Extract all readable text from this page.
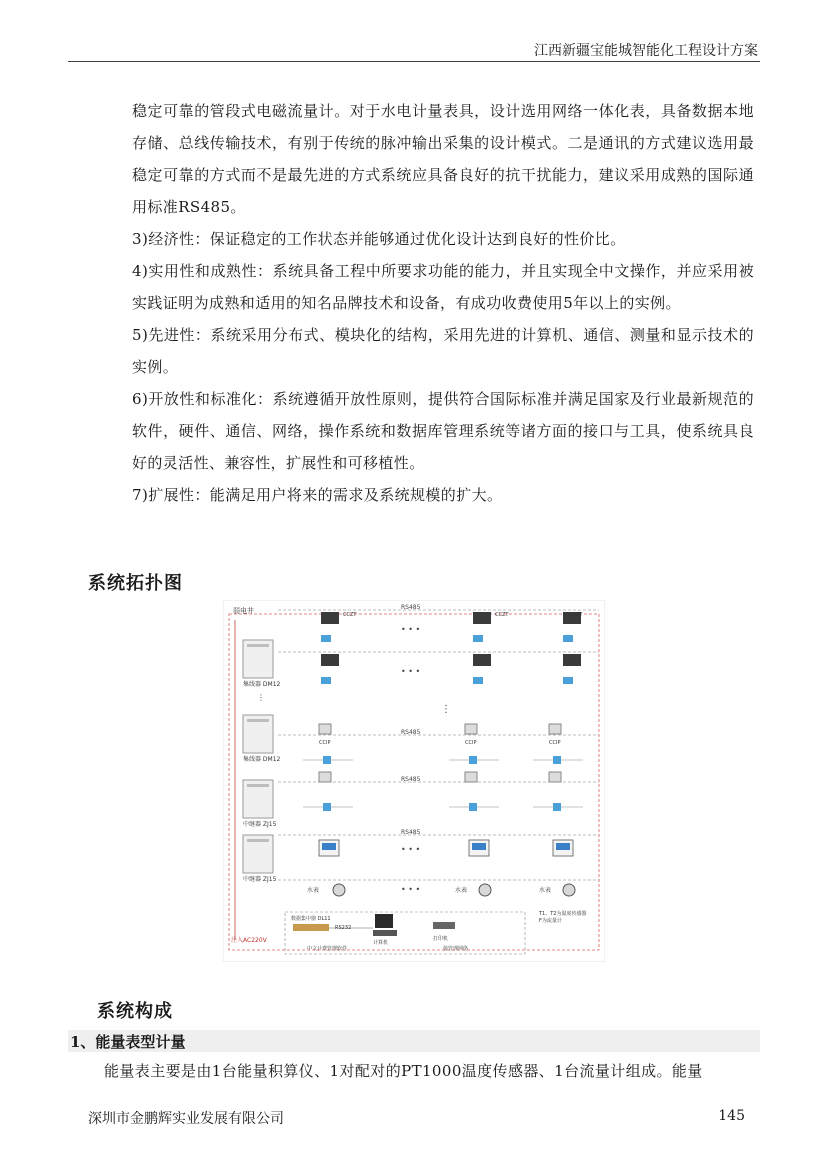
江西新疆宝能城智能化工程设计方案

稳定可靠的管段式电磁流量计。对于水电计量表具，设计选用网络一体化表，具备数据本地存储、总线传输技术，有别于传统的脉冲输出采集的设计模式。二是通讯的方式建议选用最稳定可靠的方式而不是最先进的方式系统应具备良好的抗干扰能力，建议采用成熟的国际通用标准RS485。

3)经济性：保证稳定的工作状态并能够通过优化设计达到良好的性价比。

4)实用性和成熟性：系统具备工程中所要求功能的能力，并且实现全中文操作，并应采用被实践证明为成熟和适用的知名品牌技术和设备，有成功收费使用5年以上的实例。

5)先进性：系统采用分布式、模块化的结构，采用先进的计算机、通信、测量和显示技术的实例。

6)开放性和标准化：系统遵循开放性原则，提供符合国际标准并满足国家及行业最新规范的软件，硬件、通信、网络，操作系统和数据库管理系统等诸方面的接口与工具，使系统具良好的灵活性、兼容性，扩展性和可移植性。

7)扩展性：能满足用户将来的需求及系统规模的扩大。

系统拓扑图
弱电井
集线器 DM12
⋮
集线器 DM12
中继器 ZJ15
中继器 ZJ15
RS485
RS485
RS485
RS485
CCZT	CCZT	CCZT
• • •
• • •
⋮
CCIP	CCIP	CCIP
• • •
水表	水表	水表
• • •
T1、T2为温度传感器
F为流量计
数据集中器 DL11
RS232
计算机
打印机
中文计费管理软件	接管理网络
注入AC220V
系统构成
1、能量表型计量
能量表主要是由1台能量积算仪、1对配对的PT1000温度传感器、1台流量计组成。能量
深圳市金鹏辉实业发展有限公司	145
